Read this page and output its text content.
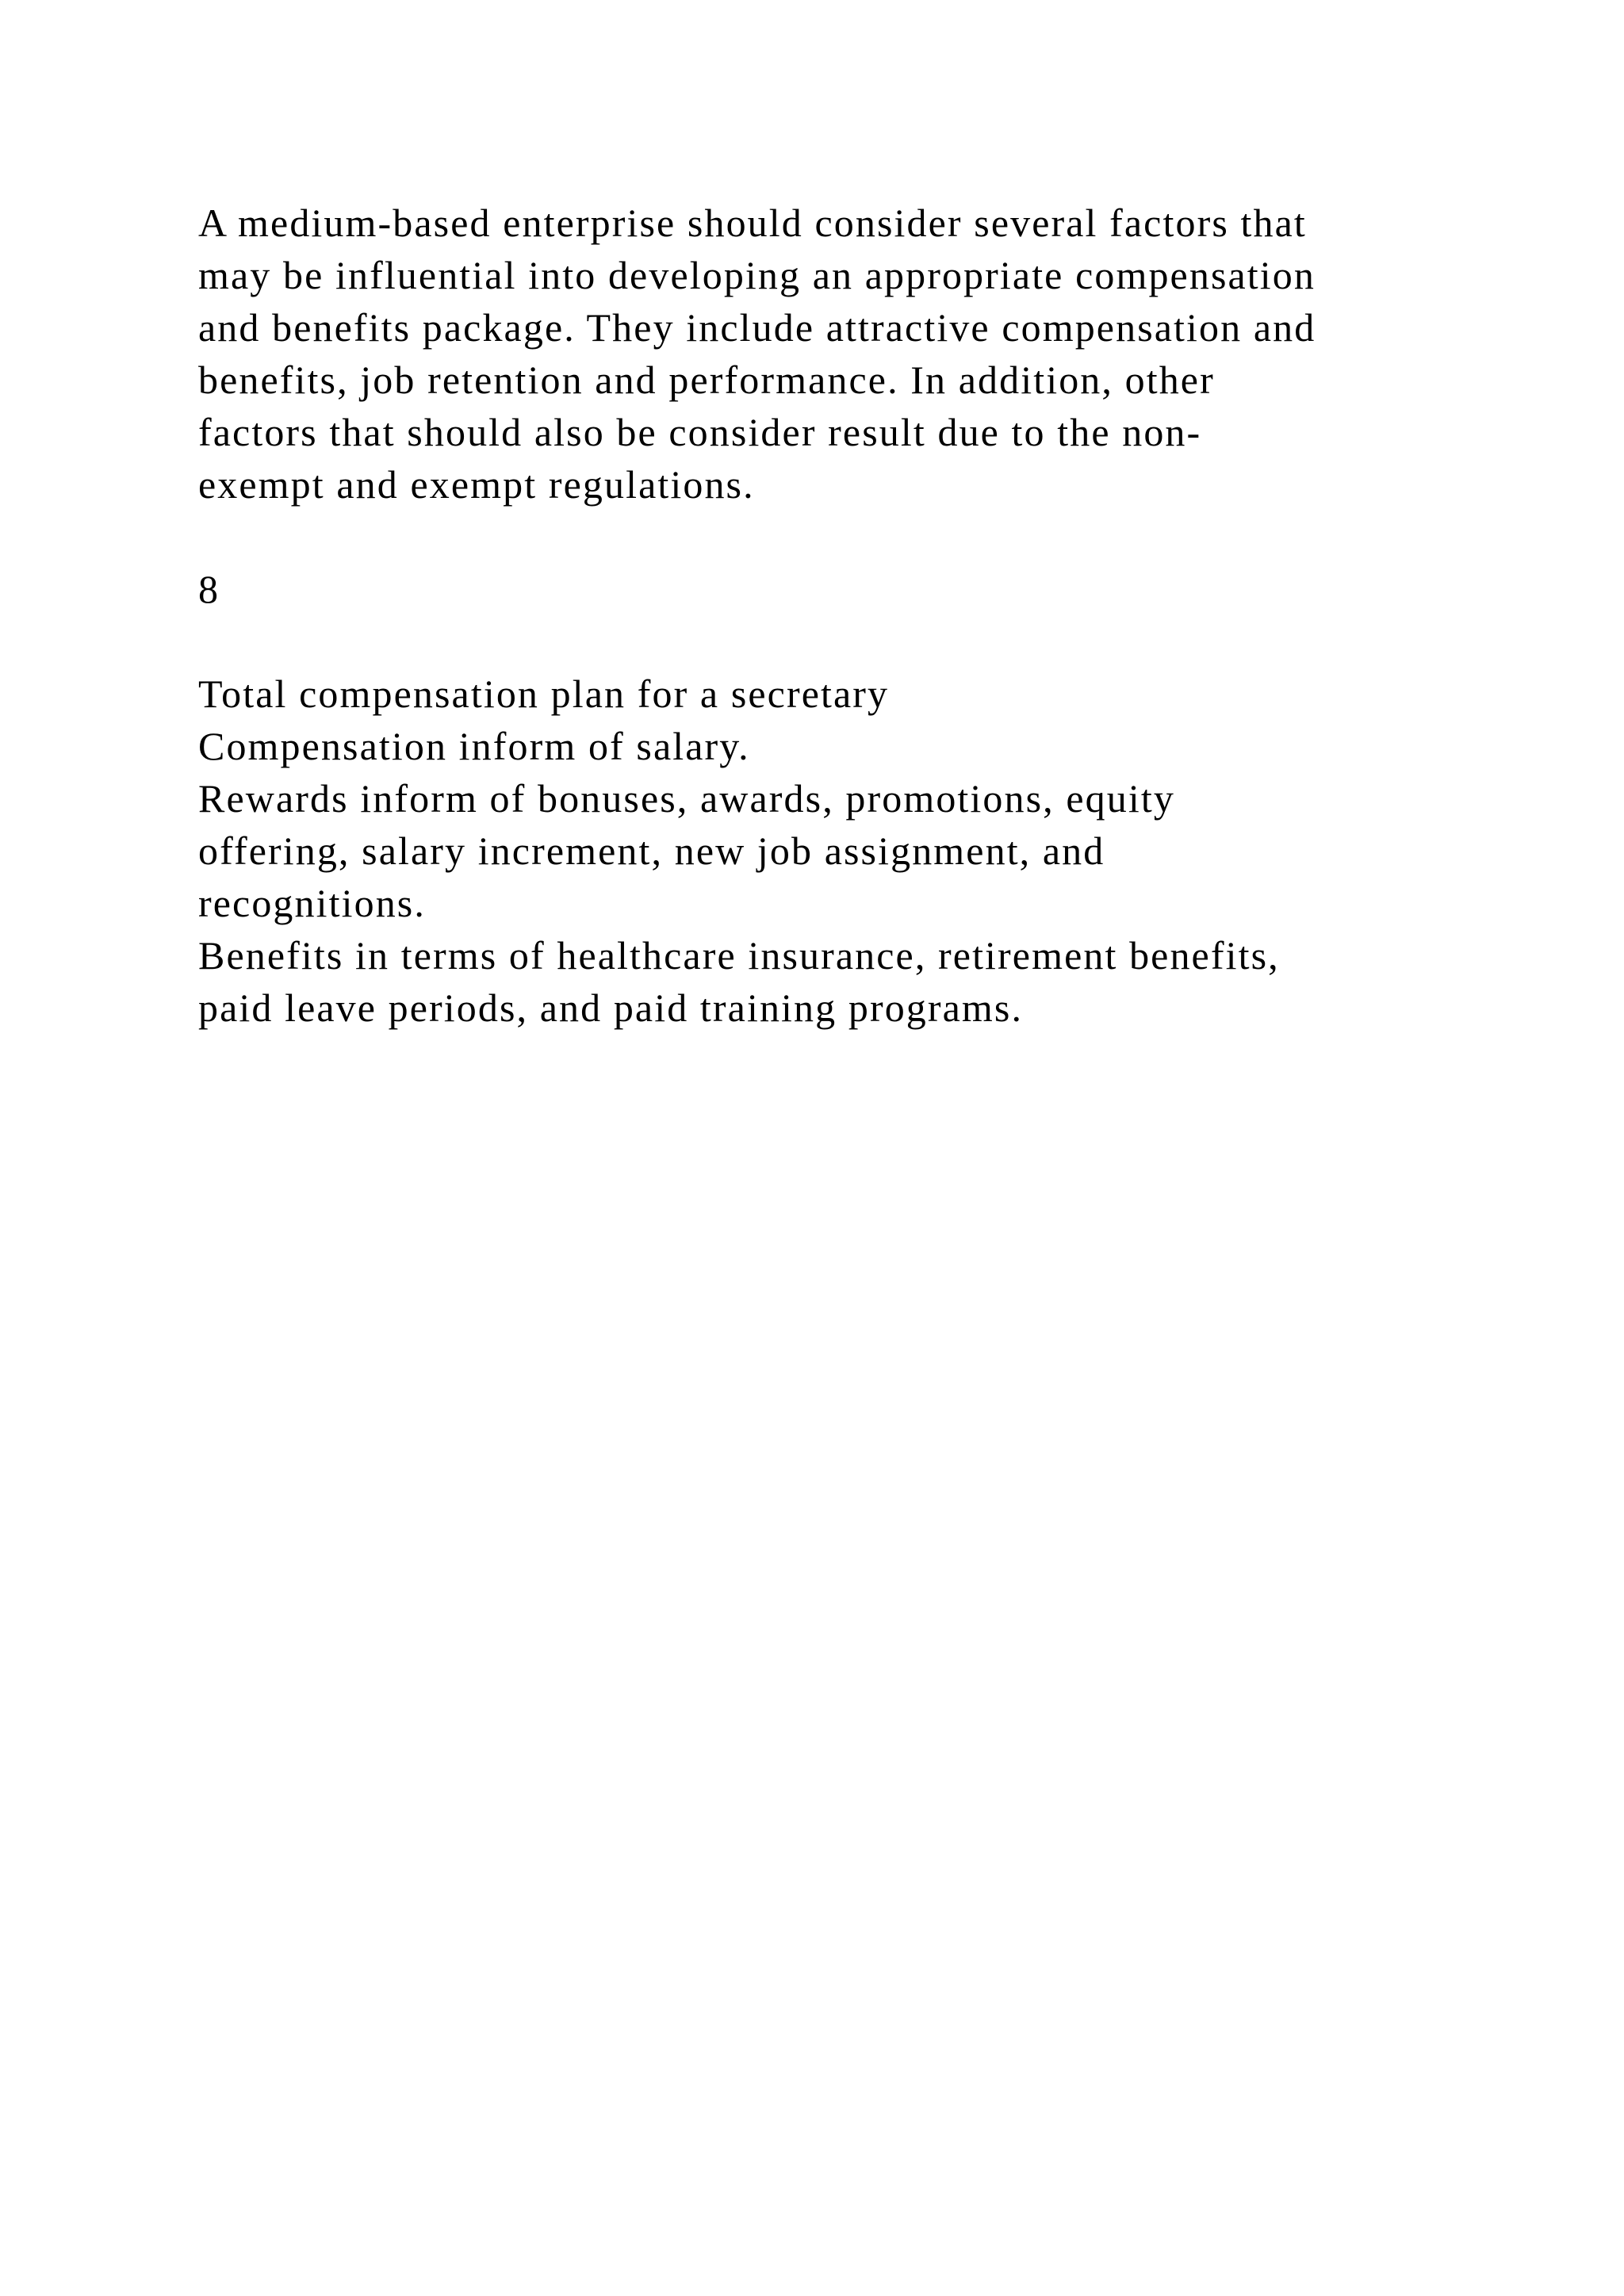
A medium-based enterprise should consider several factors that
may be influential into developing an appropriate compensation
and benefits package. They include attractive compensation and
benefits, job retention and performance. In addition, other
factors that should also be consider result due to the non-
exempt and exempt regulations.
8
Total compensation plan for a secretary
Compensation inform of salary.
Rewards inform of bonuses, awards, promotions, equity
offering, salary increment, new job assignment, and
recognitions.
Benefits in terms of healthcare insurance, retirement benefits,
paid leave periods, and paid training programs.
